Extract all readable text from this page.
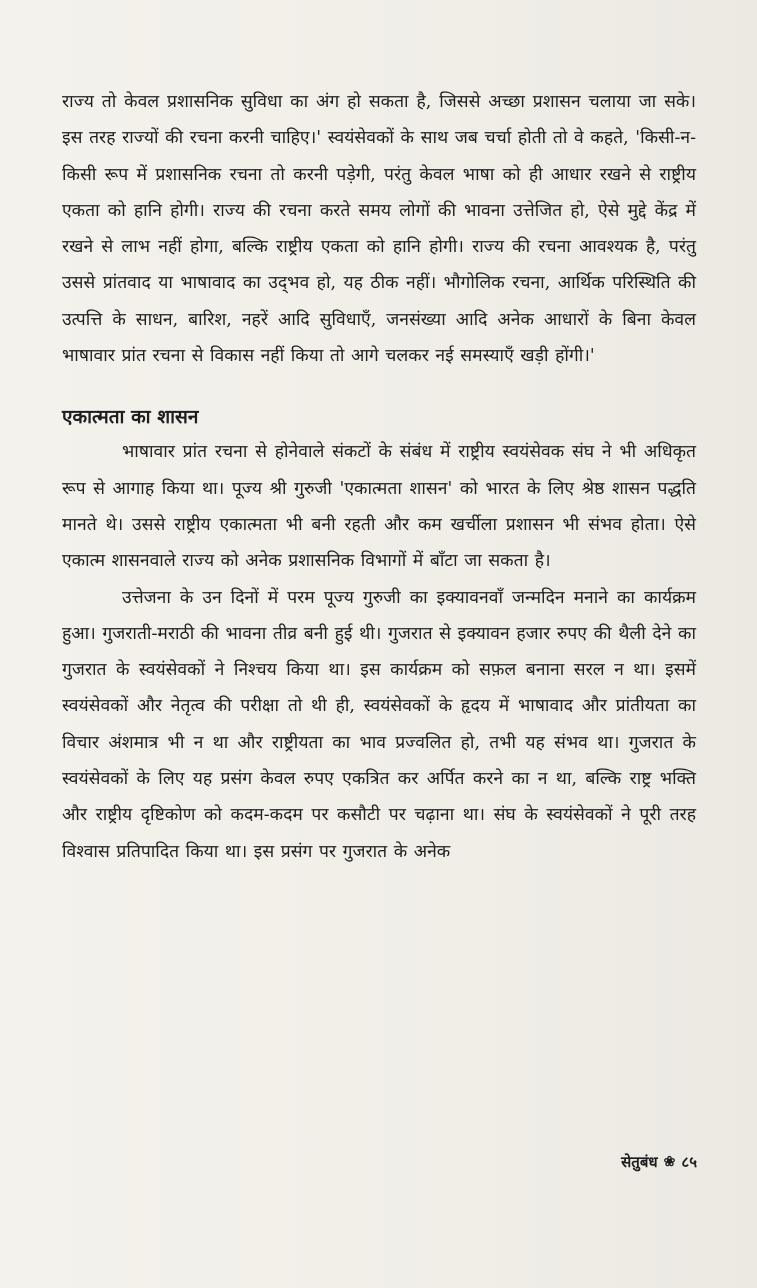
राज्य तो केवल प्रशासनिक सुविधा का अंग हो सकता है, जिससे अच्छा प्रशासन चलाया जा सके। इस तरह राज्यों की रचना करनी चाहिए।' स्वयंसेवकों के साथ जब चर्चा होती तो वे कहते, 'किसी-न-किसी रूप में प्रशासनिक रचना तो करनी पड़ेगी, परंतु केवल भाषा को ही आधार रखने से राष्ट्रीय एकता को हानि होगी। राज्य की रचना करते समय लोगों की भावना उत्तेजित हो, ऐसे मुद्दे केंद्र में रखने से लाभ नहीं होगा, बल्कि राष्ट्रीय एकता को हानि होगी। राज्य की रचना आवश्यक है, परंतु उससे प्रांतवाद या भाषावाद का उद्‌भव हो, यह ठीक नहीं। भौगोलिक रचना, आर्थिक परिस्थिति की उत्पत्ति के साधन, बारिश, नहरें आदि सुविधाएँ, जनसंख्या आदि अनेक आधारों के बिना केवल भाषावार प्रांत रचना से विकास नहीं किया तो आगे चलकर नई समस्याएँ खड़ी होंगी।'

एकात्मता का शासन

भाषावार प्रांत रचना से होनेवाले संकटों के संबंध में राष्ट्रीय स्वयंसेवक संघ ने भी अधिकृत रूप से आगाह किया था। पूज्य श्री गुरुजी 'एकात्मता शासन' को भारत के लिए श्रेष्ठ शासन पद्धति मानते थे। उससे राष्ट्रीय एकात्मता भी बनी रहती और कम खर्चीला प्रशासन भी संभव होता। ऐसे एकात्म शासनवाले राज्य को अनेक प्रशासनिक विभागों में बाँटा जा सकता है।

उत्तेजना के उन दिनों में परम पूज्य गुरुजी का इक्यावनवाँ जन्मदिन मनाने का कार्यक्रम हुआ। गुजराती-मराठी की भावना तीव्र बनी हुई थी। गुजरात से इक्यावन हजार रुपए की थैली देने का गुजरात के स्वयंसेवकों ने निश्चय किया था। इस कार्यक्रम को सफ़ल बनाना सरल न था। इसमें स्वयंसेवकों और नेतृत्व की परीक्षा तो थी ही, स्वयंसेवकों के हृदय में भाषावाद और प्रांतीयता का विचार अंशमात्र भी न था और राष्ट्रीयता का भाव प्रज्वलित हो, तभी यह संभव था। गुजरात के स्वयंसेवकों के लिए यह प्रसंग केवल रुपए एकत्रित कर अर्पित करने का न था, बल्कि राष्ट्र भक्ति और राष्ट्रीय दृष्टिकोण को कदम-कदम पर कसौटी पर चढ़ाना था। संघ के स्वयंसेवकों ने पूरी तरह विश्वास प्रतिपादित किया था। इस प्रसंग पर गुजरात के अनेक

सेतुबंध ❀ ८५
